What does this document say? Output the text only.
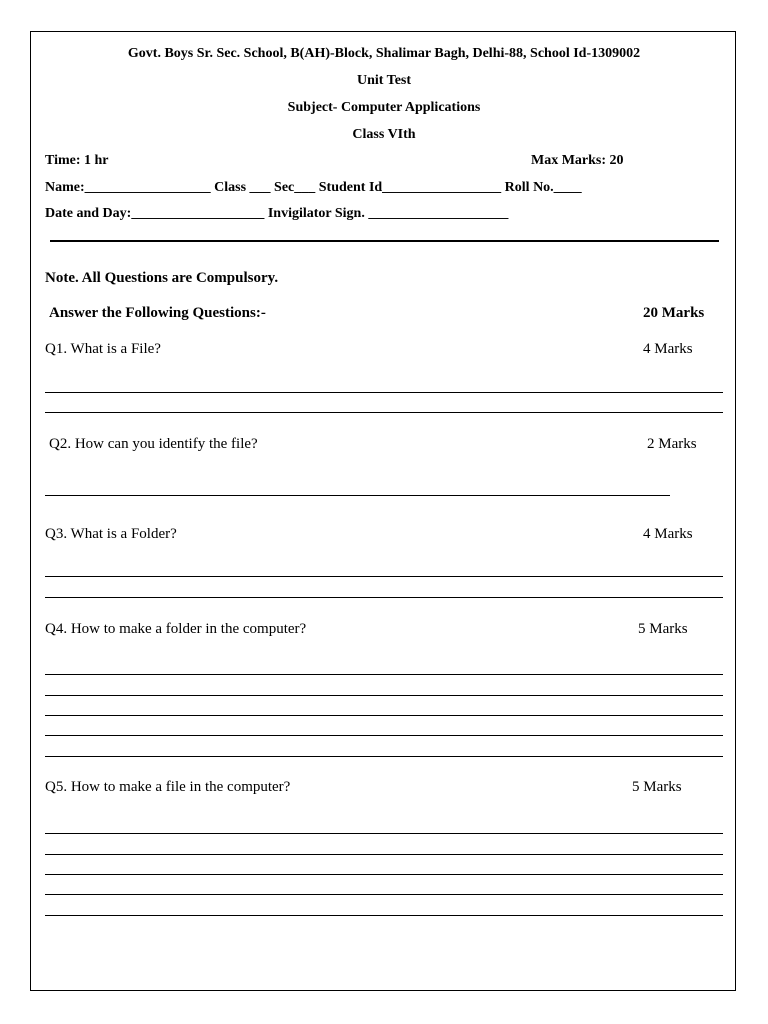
Govt. Boys Sr. Sec. School, B(AH)-Block, Shalimar Bagh, Delhi-88, School Id-1309002
Unit Test
Subject- Computer Applications
Class VIth
Time: 1 hr	Max Marks: 20
Name:__________________ Class ___ Sec___ Student Id_________________ Roll No.____
Date and Day:___________________ Invigilator Sign. ____________________
Note. All Questions are Compulsory.
Answer the Following Questions:-	20 Marks
Q1. What is a File?	4 Marks
Q2. How can you identify the file?	2 Marks
Q3. What is a Folder?	4 Marks
Q4. How to make a folder in the computer?	5 Marks
Q5. How to make a file in the computer?	5 Marks
